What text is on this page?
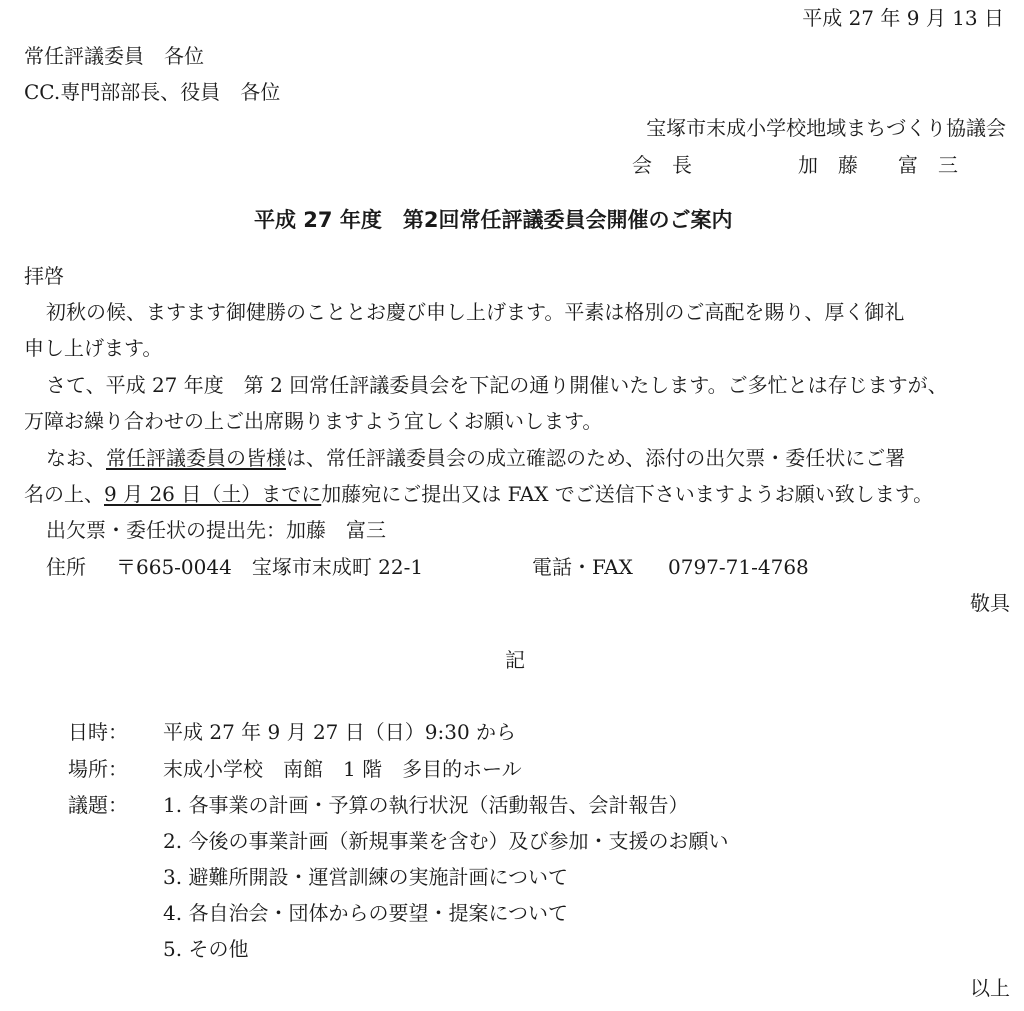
平成 27 年 9 月 13 日
常任評議委員　各位
CC.専門部部長、役員　各位
宝塚市末成小学校地域まちづくり協議会
会　長	加　藤　　富　三
平成 27 年度　第2回常任評議委員会開催のご案内
拝啓
初秋の候、ますます御健勝のこととお慶び申し上げます。平素は格別のご高配を賜り、厚く御礼
申し上げます。
さて、平成 27 年度　第 2 回常任評議委員会を下記の通り開催いたします。ご多忙とは存じますが、
万障お繰り合わせの上ご出席賜りますよう宜しくお願いします。
なお、常任評議委員の皆様は、常任評議委員会の成立確認のため、添付の出欠票・委任状にご署
名の上、9 月 26 日（土）までに加藤宛にご提出又は FAX でご送信下さいますようお願い致します。
出欠票・委任状の提出先：加藤　富三
住所 〒665-0044　宝塚市末成町 22-1	電話・FAX 0797-71-4768
敬具
記
日時： 平成 27 年 9 月 27 日（日）9:30 から
場所： 末成小学校　南館　1 階　多目的ホール
議題： 1. 各事業の計画・予算の執行状況（活動報告、会計報告）
2. 今後の事業計画（新規事業を含む）及び参加・支援のお願い
3. 避難所開設・運営訓練の実施計画について
4. 各自治会・団体からの要望・提案について
5. その他
以上
